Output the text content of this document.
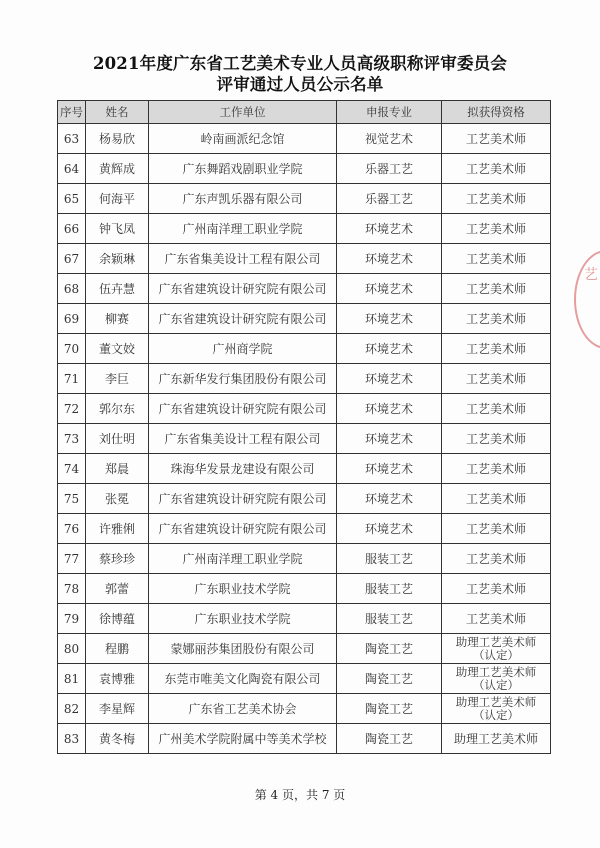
2021年度广东省工艺美术专业人员高级职称评审委员会
评审通过人员公示名单
序号	姓名	工作单位	申报专业	拟获得资格
63	杨易欣	岭南画派纪念馆	视觉艺术	工艺美术师
64	黄辉成	广东舞蹈戏剧职业学院	乐器工艺	工艺美术师
65	何海平	广东声凯乐器有限公司	乐器工艺	工艺美术师
66	钟飞凤	广州南洋理工职业学院	环境艺术	工艺美术师
67	余颖琳	广东省集美设计工程有限公司	环境艺术	工艺美术师
68	伍卉慧	广东省建筑设计研究院有限公司	环境艺术	工艺美术师
69	柳赛	广东省建筑设计研究院有限公司	环境艺术	工艺美术师
70	董文姣	广州商学院	环境艺术	工艺美术师
71	李巨	广东新华发行集团股份有限公司	环境艺术	工艺美术师
72	郭尔东	广东省建筑设计研究院有限公司	环境艺术	工艺美术师
73	刘仕明	广东省集美设计工程有限公司	环境艺术	工艺美术师
74	郑晨	珠海华发景龙建设有限公司	环境艺术	工艺美术师
75	张冕	广东省建筑设计研究院有限公司	环境艺术	工艺美术师
76	许雅俐	广东省建筑设计研究院有限公司	环境艺术	工艺美术师
77	蔡珍珍	广州南洋理工职业学院	服装工艺	工艺美术师
78	郭蕾	广东职业技术学院	服装工艺	工艺美术师
79	徐博蕴	广东职业技术学院	服装工艺	工艺美术师
80	程鹏	蒙娜丽莎集团股份有限公司	陶瓷工艺	助理工艺美术师
（认定）

81	袁博雅	东莞市唯美文化陶瓷有限公司	陶瓷工艺	助理工艺美术师
（认定）

82	李星辉	广东省工艺美术协会	陶瓷工艺	助理工艺美术师
（认定）

83	黄冬梅	广州美术学院附属中等美术学校	陶瓷工艺	助理工艺美术师
艺
第 4 页，共 7 页
